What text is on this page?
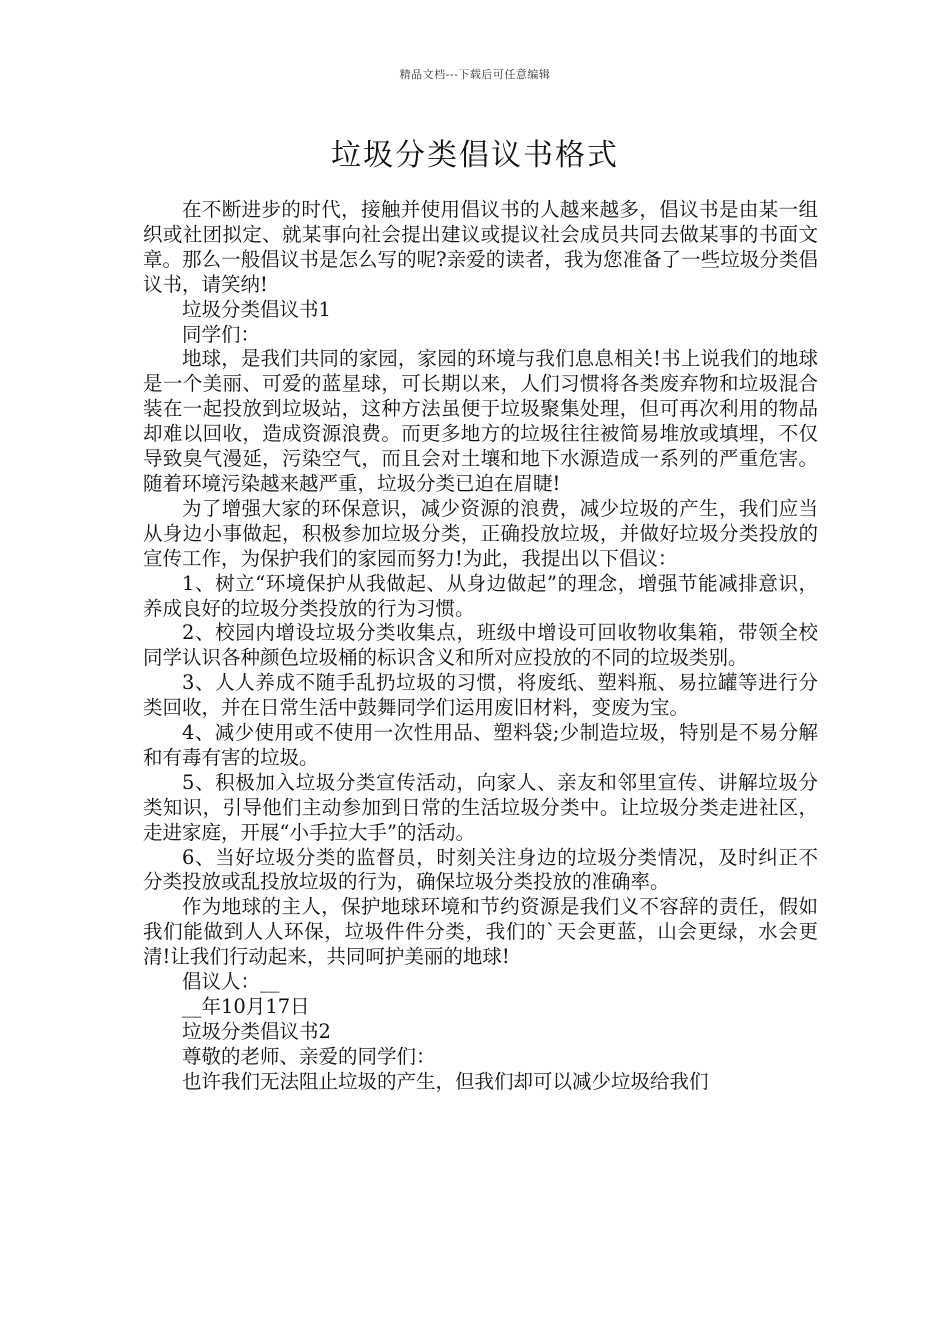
精品文档---下载后可任意编辑
垃圾分类倡议书格式

在不断进步的时代，接触并使用倡议书的人越来越多，倡议书是由某一组织或社团拟定、就某事向社会提出建议或提议社会成员共同去做某事的书面文章。那么一般倡议书是怎么写的呢?亲爱的读者，我为您准备了一些垃圾分类倡议书，请笑纳!

垃圾分类倡议书1

同学们：

地球，是我们共同的家园，家园的环境与我们息息相关!书上说我们的地球是一个美丽、可爱的蓝星球，可长期以来，人们习惯将各类废弃物和垃圾混合装在一起投放到垃圾站，这种方法虽便于垃圾聚集处理，但可再次利用的物品却难以回收，造成资源浪费。而更多地方的垃圾往往被简易堆放或填埋，不仅导致臭气漫延，污染空气，而且会对土壤和地下水源造成一系列的严重危害。随着环境污染越来越严重，垃圾分类已迫在眉睫!

为了增强大家的环保意识，减少资源的浪费，减少垃圾的产生，我们应当从身边小事做起，积极参加垃圾分类，正确投放垃圾，并做好垃圾分类投放的宣传工作，为保护我们的家园而努力!为此，我提出以下倡议：

1、树立“环境保护从我做起、从身边做起”的理念，增强节能减排意识，养成良好的垃圾分类投放的行为习惯。

2、校园内增设垃圾分类收集点，班级中增设可回收物收集箱，带领全校同学认识各种颜色垃圾桶的标识含义和所对应投放的不同的垃圾类别。

3、人人养成不随手乱扔垃圾的习惯，将废纸、塑料瓶、易拉罐等进行分类回收，并在日常生活中鼓舞同学们运用废旧材料，变废为宝。

4、减少使用或不使用一次性用品、塑料袋;少制造垃圾，特别是不易分解和有毒有害的垃圾。

5、积极加入垃圾分类宣传活动，向家人、亲友和邻里宣传、讲解垃圾分类知识，引导他们主动参加到日常的生活垃圾分类中。让垃圾分类走进社区，走进家庭，开展“小手拉大手”的活动。

6、当好垃圾分类的监督员，时刻关注身边的垃圾分类情况，及时纠正不分类投放或乱投放垃圾的行为，确保垃圾分类投放的准确率。

作为地球的主人，保护地球环境和节约资源是我们义不容辞的责任，假如我们能做到人人环保，垃圾件件分类，我们的`天会更蓝，山会更绿，水会更清!让我们行动起来，共同呵护美丽的地球!

倡议人：__

__年10月17日

垃圾分类倡议书2

尊敬的老师、亲爱的同学们：

也许我们无法阻止垃圾的产生，但我们却可以减少垃圾给我们
